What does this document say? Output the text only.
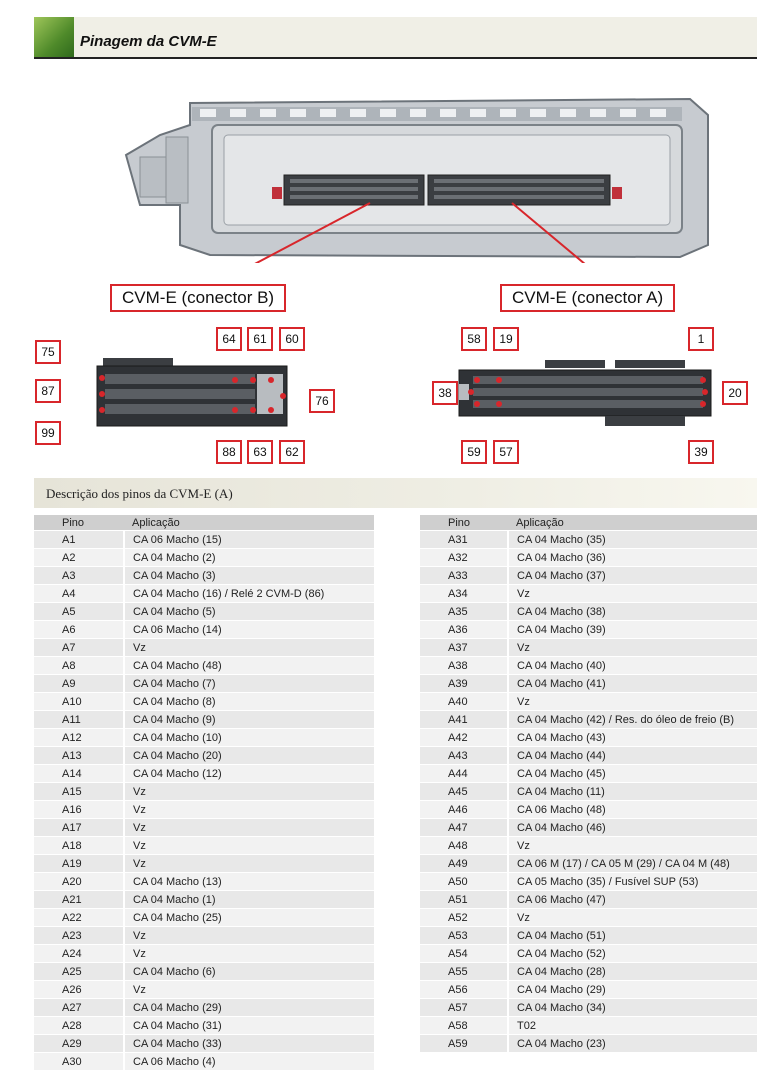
Pinagem da CVM-E
CVM-E (conector B)	CVM-E (conector A)
75
87
99
64	61	60
76
88	63	62
58	19	1
38	20
59	57	39
Descrição dos pinos da CVM-E (A)
Pino	Aplicação
A1	CA 06 Macho (15)
A2	CA 04 Macho (2)
A3	CA 04 Macho (3)
A4	CA 04 Macho (16) / Relé 2 CVM-D (86)
A5	CA 04 Macho (5)
A6	CA 06 Macho (14)
A7	Vz
A8	CA 04 Macho (48)
A9	CA 04 Macho (7)
A10	CA 04 Macho (8)
A11	CA 04 Macho (9)
A12	CA 04 Macho (10)
A13	CA 04 Macho (20)
A14	CA 04 Macho (12)
A15	Vz
A16	Vz
A17	Vz
A18	Vz
A19	Vz
A20	CA 04 Macho (13)
A21	CA 04 Macho (1)
A22	CA 04 Macho (25)
A23	Vz
A24	Vz
A25	CA 04 Macho (6)
A26	Vz
A27	CA 04 Macho (29)
A28	CA 04 Macho (31)
A29	CA 04 Macho (33)
A30	CA 06 Macho (4)
Pino	Aplicação
A31	CA 04 Macho (35)
A32	CA 04 Macho (36)
A33	CA 04 Macho (37)
A34	Vz
A35	CA 04 Macho (38)
A36	CA 04 Macho (39)
A37	Vz
A38	CA 04 Macho (40)
A39	CA 04 Macho (41)
A40	Vz
A41	CA 04 Macho (42) / Res. do óleo de freio (B)
A42	CA 04 Macho (43)
A43	CA 04 Macho (44)
A44	CA 04 Macho (45)
A45	CA 04 Macho (11)
A46	CA 06 Macho (48)
A47	CA 04 Macho (46)
A48	Vz
A49	CA 06 M (17) / CA 05 M (29) / CA 04 M (48)
A50	CA 05 Macho (35) / Fusível SUP (53)
A51	CA 06 Macho (47)
A52	Vz
A53	CA 04 Macho (51)
A54	CA 04 Macho (52)
A55	CA 04 Macho (28)
A56	CA 04 Macho (29)
A57	CA 04 Macho (34)
A58	T02
A59	CA 04 Macho (23)
